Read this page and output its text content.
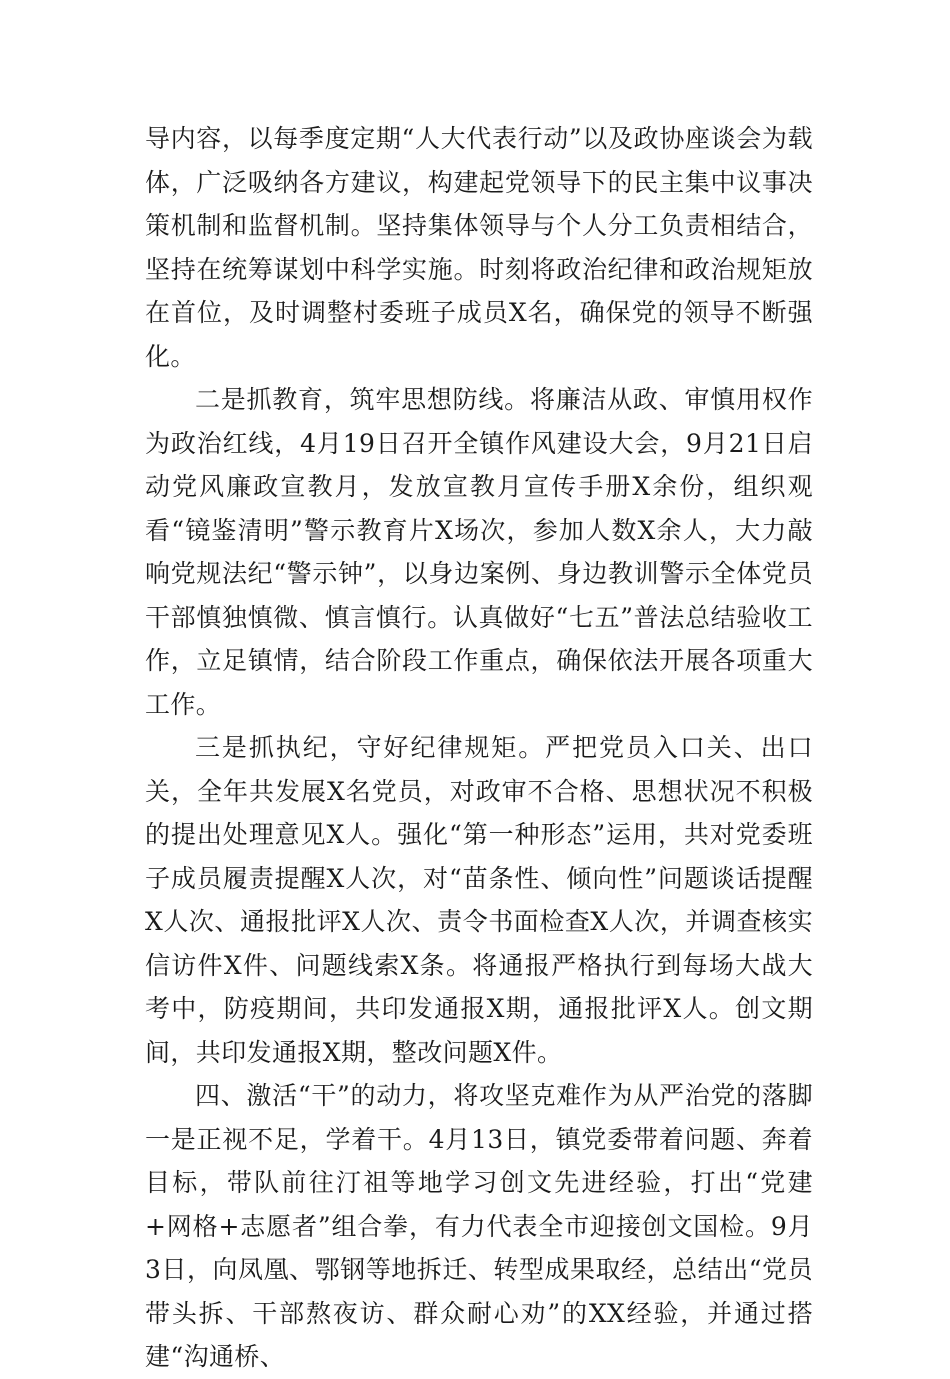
导内容，以每季度定期“人大代表行动”以及政协座谈会为载体，广泛吸纳各方建议，构建起党领导下的民主集中议事决策机制和监督机制。坚持集体领导与个人分工负责相结合，坚持在统筹谋划中科学实施。时刻将政治纪律和政治规矩放在首位，及时调整村委班子成员X名，确保党的领导不断强化。

二是抓教育，筑牢思想防线。将廉洁从政、审慎用权作为政治红线，4月19日召开全镇作风建设大会，9月21日启动党风廉政宣教月，发放宣教月宣传手册X余份，组织观看“镜鉴清明”警示教育片X场次，参加人数X余人，大力敲响党规法纪“警示钟”，以身边案例、身边教训警示全体党员干部慎独慎微、慎言慎行。认真做好“七五”普法总结验收工作，立足镇情，结合阶段工作重点，确保依法开展各项重大工作。

三是抓执纪，守好纪律规矩。严把党员入口关、出口关，全年共发展X名党员，对政审不合格、思想状况不积极的提出处理意见X人。强化“第一种形态”运用，共对党委班子成员履责提醒X人次，对“苗条性、倾向性”问题谈话提醒X人次、通报批评X人次、责令书面检查X人次，并调查核实信访件X件、问题线索X条。将通报严格执行到每场大战大考中，防疫期间，共印发通报X期，通报批评X人。创文期间，共印发通报X期，整改问题X件。

四、激活“干”的动力，将攻坚克难作为从严治党的落脚 一是正视不足，学着干。4月13日，镇党委带着问题、奔着目标，带队前往汀祖等地学习创文先进经验，打出“党建+网格+志愿者”组合拳，有力代表全市迎接创文国检。9月3日，向凤凰、鄂钢等地拆迁、转型成果取经，总结出“党员带头拆、干部熬夜访、群众耐心劝”的XX经验，并通过搭建“沟通桥、
